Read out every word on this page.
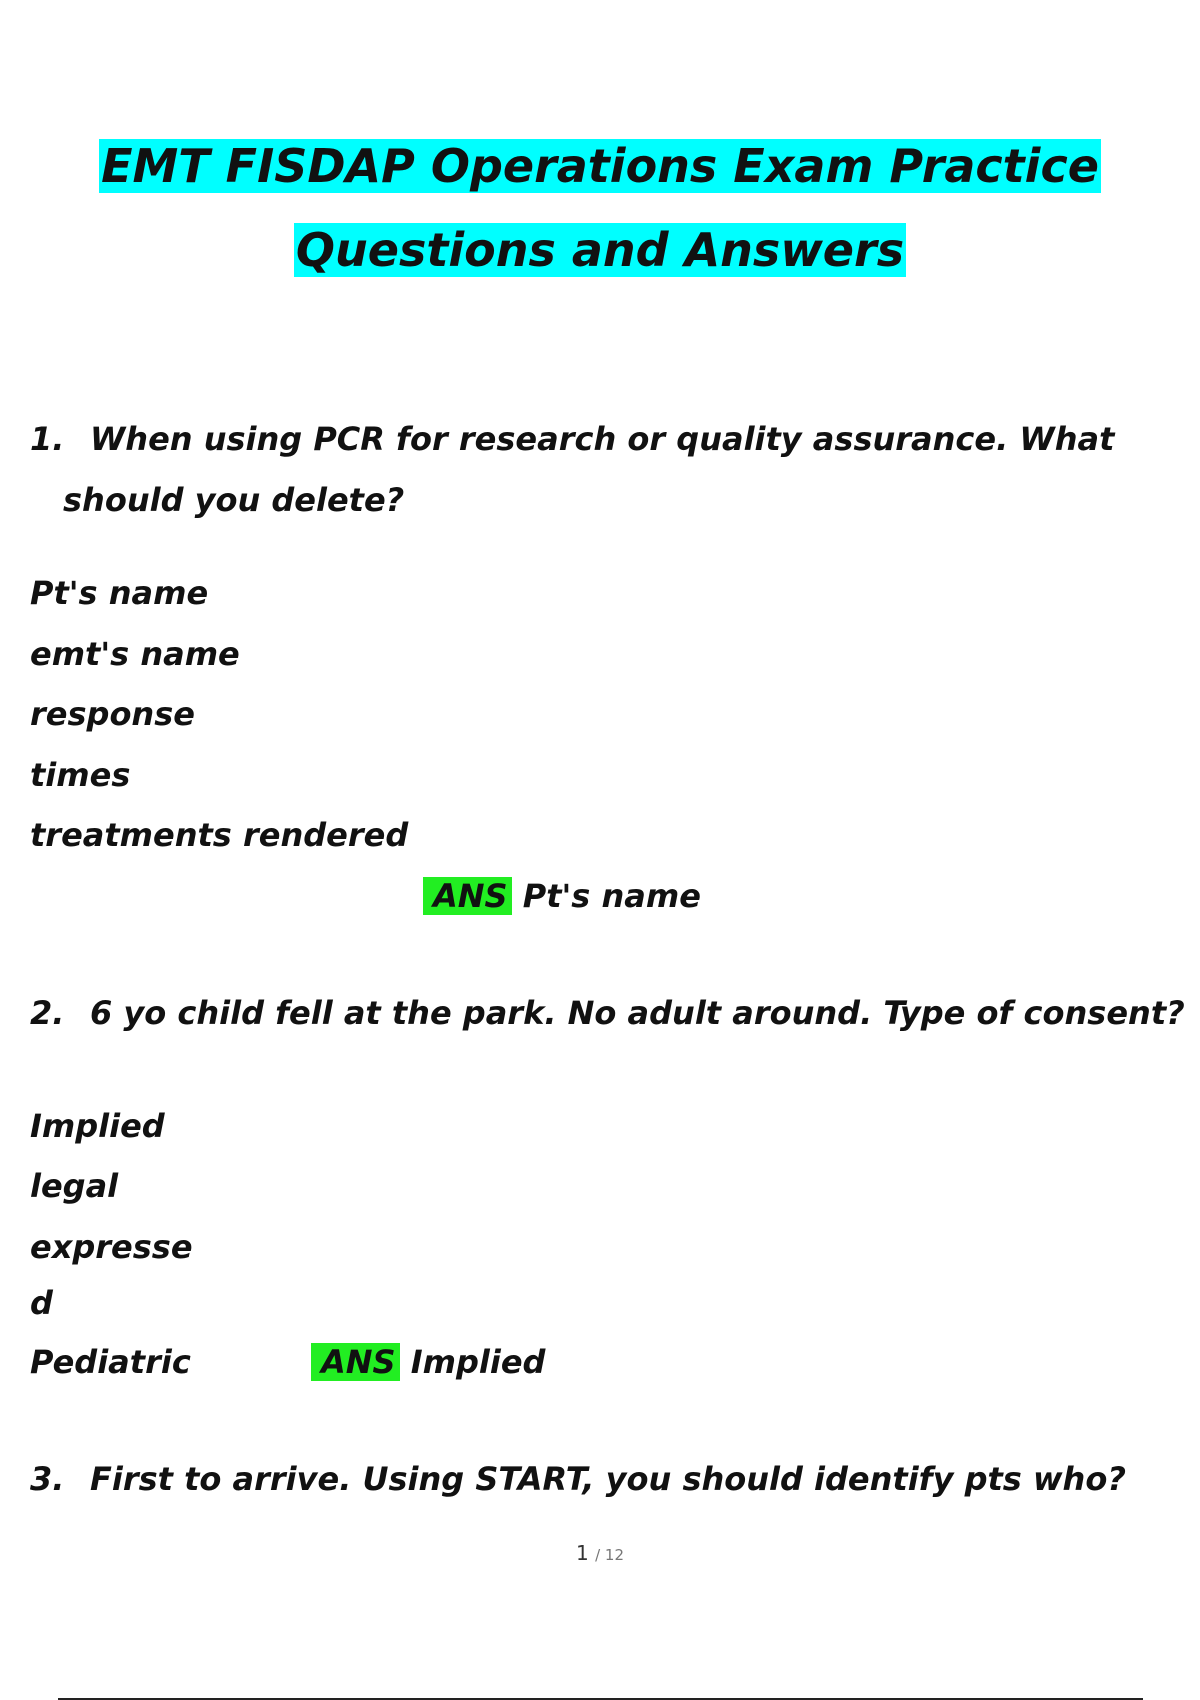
EMT FISDAP Operations Exam Practice
Questions and Answers
1. When using PCR for research or quality assurance. What
should you delete?
Pt's name
emt's name
response
times
treatments rendered
ANS Pt's name
2. 6 yo child fell at the park. No adult around. Type of consent?
Implied
legal
expresse
d
Pediatric	ANS Implied
3. First to arrive. Using START, you should identify pts who?
1 / 12
